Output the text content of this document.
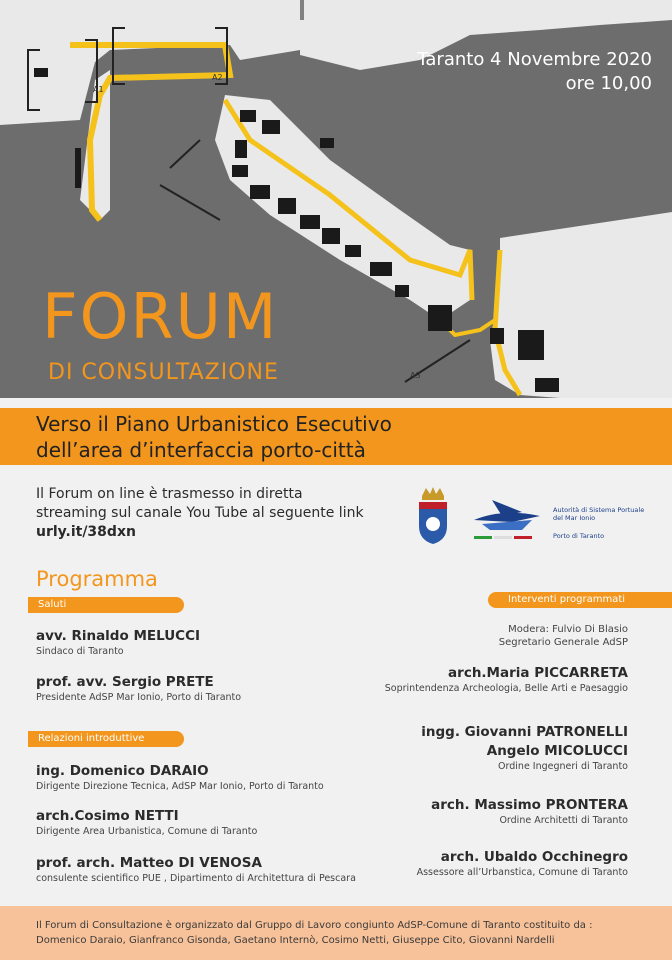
A1
A2
A3
Taranto 4 Novembre 2020
ore 10,00
FORUM
DI CONSULTAZIONE
Verso il Piano Urbanistico Esecutivo
dell’area d’interfaccia porto-città
Il Forum on line è trasmesso in diretta
streaming sul canale You Tube al seguente link
urly.it/38dxn
Autorità di Sistema Portuale
del Mar Ionio
Porto di Taranto
Programma
Saluti	Interventi programmati
avv. Rinaldo MELUCCI
Sindaco di Taranto
prof. avv. Sergio PRETE
Presidente AdSP Mar Ionio, Porto di Taranto
Relazioni introduttive
ing. Domenico DARAIO
Dirigente Direzione Tecnica, AdSP Mar Ionio, Porto di Taranto
arch.Cosimo NETTI
Dirigente Area Urbanistica, Comune di Taranto
prof. arch. Matteo DI VENOSA
consulente scientifico PUE , Dipartimento di Architettura di Pescara
Modera: Fulvio Di Blasio
Segretario Generale AdSP
arch.Maria PICCARRETA
Soprintendenza Archeologia, Belle Arti e Paesaggio
ingg. Giovanni PATRONELLI
Angelo MICOLUCCI
Ordine Ingegneri di Taranto
arch. Massimo PRONTERA
Ordine Architetti di Taranto
arch. Ubaldo Occhinegro
Assessore all’Urbanstica, Comune di Taranto
Il Forum di Consultazione è organizzato dal Gruppo di Lavoro congiunto AdSP-Comune di Taranto costituito da :
Domenico Daraio, Gianfranco Gisonda, Gaetano Internò, Cosimo Netti, Giuseppe Cito, Giovanni Nardelli
